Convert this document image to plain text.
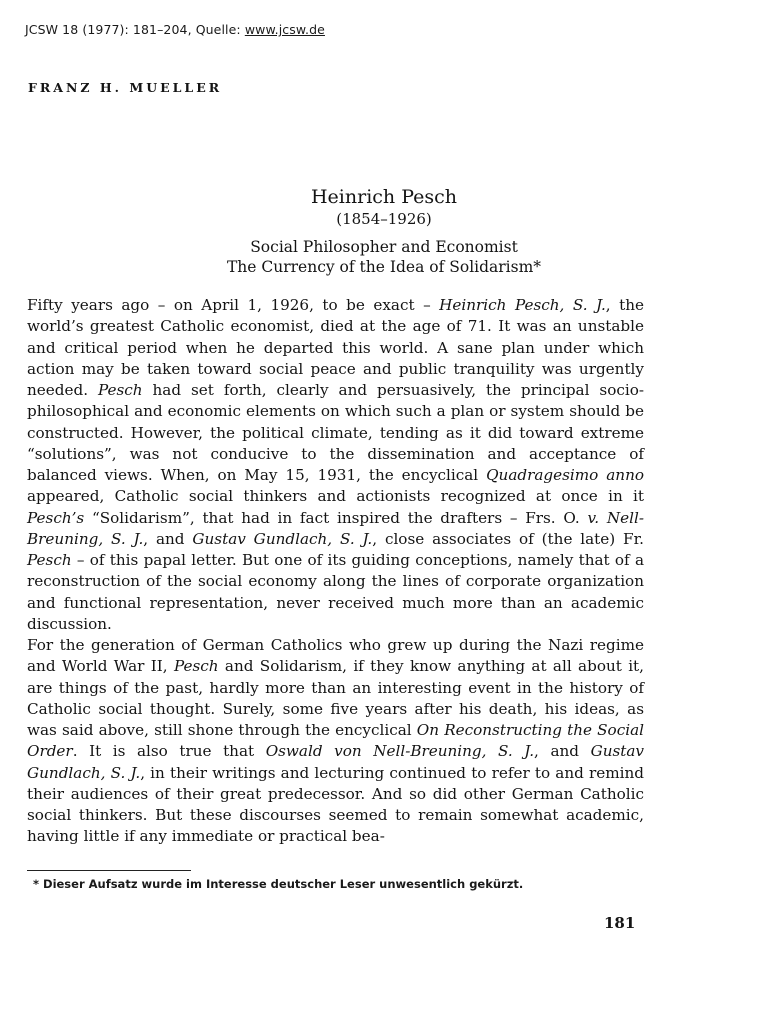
JCSW 18 (1977): 181–204, Quelle: www.jcsw.de
FRANZ H. MUELLER
Heinrich Pesch
(1854–1926)
Social Philosopher and Economist
The Currency of the Idea of Solidarism*

Fifty years ago – on April 1, 1926, to be exact – Heinrich Pesch, S. J., the world’s greatest Catholic economist, died at the age of 71. It was an unstable and critical period when he departed this world. A sane plan under which action may be taken toward social peace and public tranquility was urgently needed. Pesch had set forth, clearly and persuasively, the principal socio-philosophical and economic elements on which such a plan or system should be constructed. However, the political climate, tending as it did toward extreme “solutions”, was not conducive to the dissemination and acceptance of balanced views. When, on May 15, 1931, the encyclical Quadragesimo anno appeared, Catholic social thinkers and actionists recognized at once in it Pesch’s “Solidarism”, that had in fact inspired the drafters – Frs. O. v. Nell-Breuning, S. J., and Gustav Gundlach, S. J., close associates of (the late) Fr. Pesch – of this papal letter. But one of its guiding conceptions, namely that of a reconstruction of the social economy along the lines of corporate organization and functional representation, never received much more than an academic discussion.

For the generation of German Catholics who grew up during the Nazi regime and World War II, Pesch and Solidarism, if they know anything at all about it, are things of the past, hardly more than an interesting event in the history of Catholic social thought. Surely, some five years after his death, his ideas, as was said above, still shone through the encyclical On Reconstructing the Social Order. It is also true that Oswald von Nell-Breuning, S. J., and Gustav Gundlach, S. J., in their writings and lecturing continued to refer to and remind their audiences of their great predecessor. And so did other German Catholic social thinkers. But these discourses seemed to remain somewhat academic, having little if any immediate or practical bea-

* Dieser Aufsatz wurde im Interesse deutscher Leser unwesentlich gekürzt.
181
